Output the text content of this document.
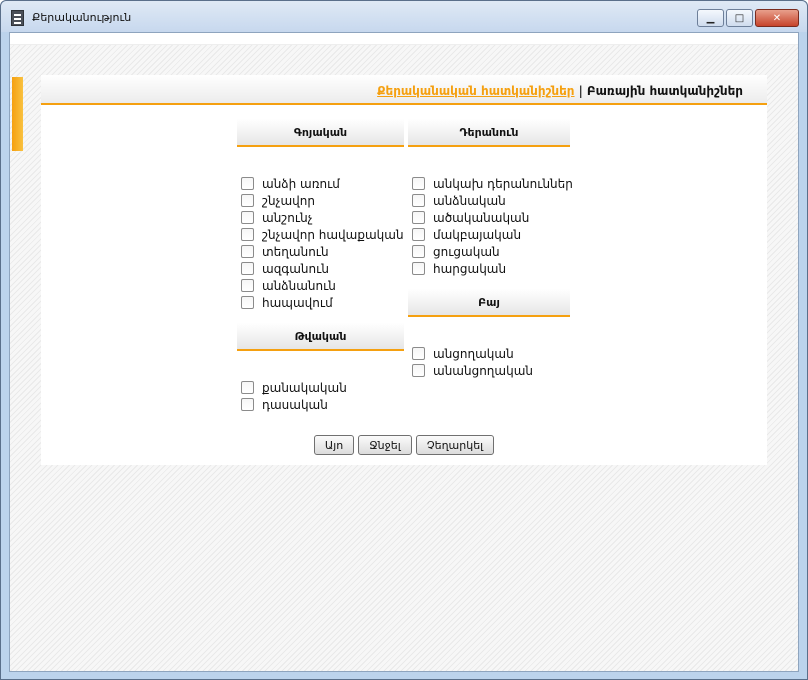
Քերականություն	▁	□	✕
Քերականական հատկանիշներ | Բառային հատկանիշներ
Գոյական
անձի առում
շնչավոր
անշունչ
շնչավոր հավաքական
տեղանուն
ազգանուն
անձնանուն
հապավում
Թվական
քանակական
դասական
Դերանուն
անկախ դերանուններ
անձնական
ածականական
մակբայական
ցուցական
հարցական
Բայ
անցողական
անանցողական
Այո	Ջնջել	Չեղարկել
